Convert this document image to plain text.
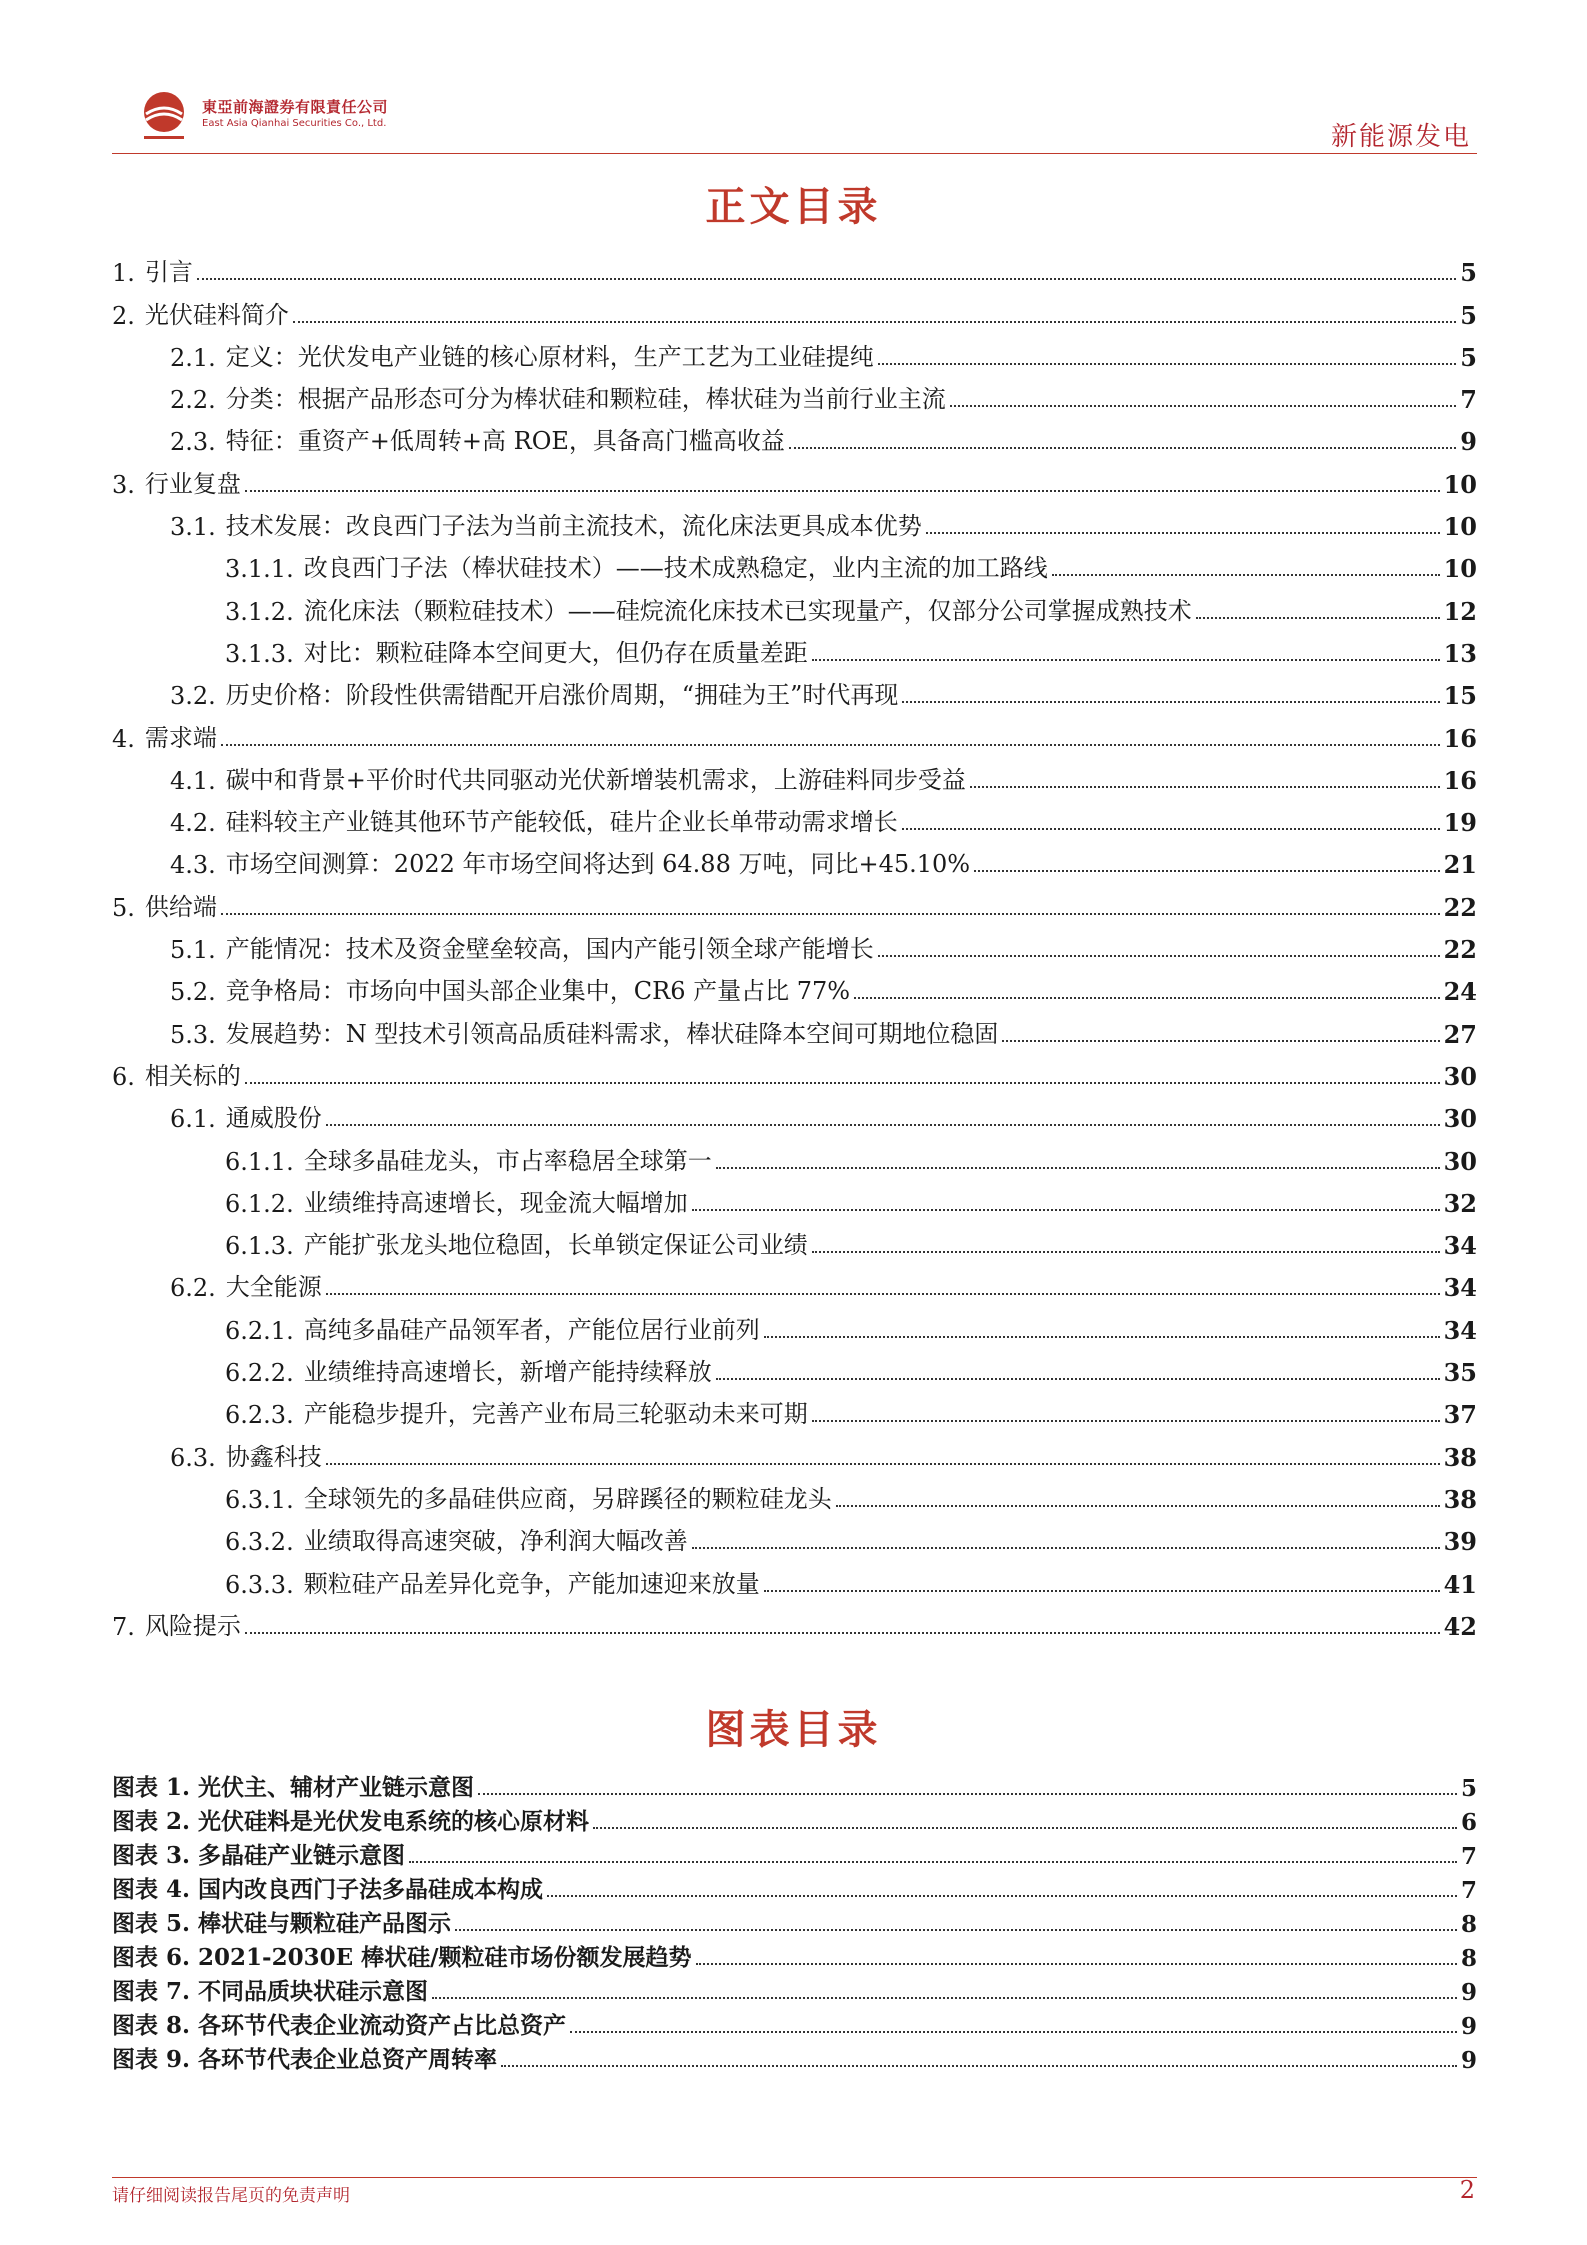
東亞前海證券有限責任公司
East Asia Qianhai Securities Co., Ltd.	新能源发电
正文目录
1. 引言	5
2. 光伏硅料简介	5
2.1. 定义：光伏发电产业链的核心原材料，生产工艺为工业硅提纯	5
2.2. 分类：根据产品形态可分为棒状硅和颗粒硅，棒状硅为当前行业主流	7
2.3. 特征：重资产+低周转+高 ROE，具备高门槛高收益	9
3. 行业复盘	10
3.1. 技术发展：改良西门子法为当前主流技术，流化床法更具成本优势	10
3.1.1. 改良西门子法（棒状硅技术）——技术成熟稳定，业内主流的加工路线	10
3.1.2. 流化床法（颗粒硅技术）——硅烷流化床技术已实现量产，仅部分公司掌握成熟技术	12
3.1.3. 对比：颗粒硅降本空间更大，但仍存在质量差距	13
3.2. 历史价格：阶段性供需错配开启涨价周期，“拥硅为王”时代再现	15
4. 需求端	16
4.1. 碳中和背景+平价时代共同驱动光伏新增装机需求，上游硅料同步受益	16
4.2. 硅料较主产业链其他环节产能较低，硅片企业长单带动需求增长	19
4.3. 市场空间测算：2022 年市场空间将达到 64.88 万吨，同比+45.10%	21
5. 供给端	22
5.1. 产能情况：技术及资金壁垒较高，国内产能引领全球产能增长	22
5.2. 竞争格局：市场向中国头部企业集中，CR6 产量占比 77%	24
5.3. 发展趋势：N 型技术引领高品质硅料需求，棒状硅降本空间可期地位稳固	27
6. 相关标的	30
6.1. 通威股份	30
6.1.1. 全球多晶硅龙头，市占率稳居全球第一	30
6.1.2. 业绩维持高速增长，现金流大幅增加	32
6.1.3. 产能扩张龙头地位稳固，长单锁定保证公司业绩	34
6.2. 大全能源	34
6.2.1. 高纯多晶硅产品领军者，产能位居行业前列	34
6.2.2. 业绩维持高速增长，新增产能持续释放	35
6.2.3. 产能稳步提升，完善产业布局三轮驱动未来可期	37
6.3. 协鑫科技	38
6.3.1. 全球领先的多晶硅供应商，另辟蹊径的颗粒硅龙头	38
6.3.2. 业绩取得高速突破，净利润大幅改善	39
6.3.3. 颗粒硅产品差异化竞争，产能加速迎来放量	41
7. 风险提示	42
图表目录
图表 1. 光伏主、辅材产业链示意图	5
图表 2. 光伏硅料是光伏发电系统的核心原材料	6
图表 3. 多晶硅产业链示意图	7
图表 4. 国内改良西门子法多晶硅成本构成	7
图表 5. 棒状硅与颗粒硅产品图示	8
图表 6. 2021-2030E 棒状硅/颗粒硅市场份额发展趋势	8
图表 7. 不同品质块状硅示意图	9
图表 8. 各环节代表企业流动资产占比总资产	9
图表 9. 各环节代表企业总资产周转率	9
请仔细阅读报告尾页的免责声明	2
